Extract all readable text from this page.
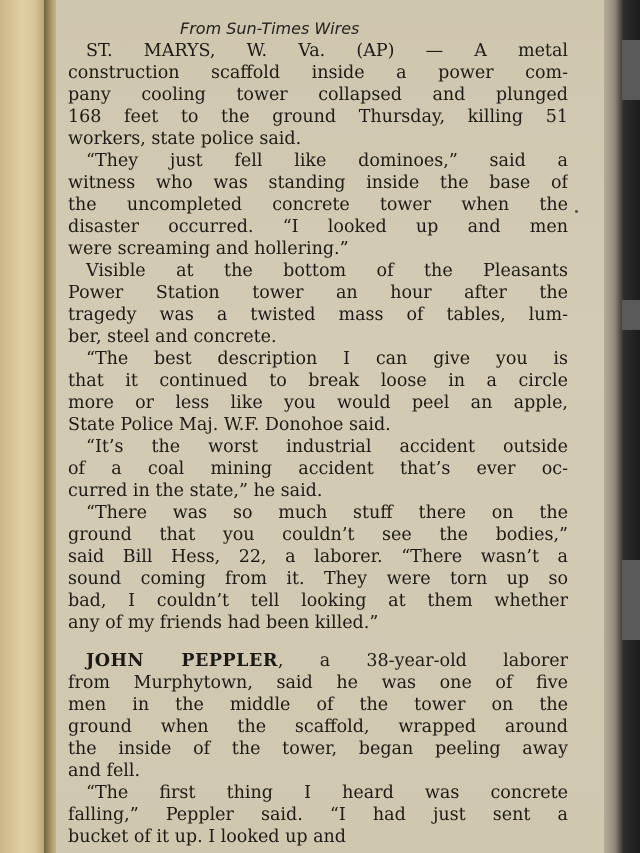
From Sun-Times Wires
ST. MARYS, W. Va. (AP) — A metal
construction scaffold inside a power com-
pany cooling tower collapsed and plunged
168 feet to the ground Thursday, killing 51
workers, state police said.
“They just fell like dominoes,” said a
witness who was standing inside the base of
the uncompleted concrete tower when the
disaster occurred. “I looked up and men
were screaming and hollering.”
Visible at the bottom of the Pleasants
Power Station tower an hour after the
tragedy was a twisted mass of tables, lum-
ber, steel and concrete.
“The best description I can give you is
that it continued to break loose in a circle
more or less like you would peel an apple,
State Police Maj. W.F. Donohoe said.
“It’s the worst industrial accident outside
of a coal mining accident that’s ever oc-
curred in the state,” he said.
“There was so much stuff there on the
ground that you couldn’t see the bodies,”
said Bill Hess, 22, a laborer. “There wasn’t a
sound coming from it. They were torn up so
bad, I couldn’t tell looking at them whether
any of my friends had been killed.”
JOHN PEPPLER, a 38-year-old laborer
from Murphytown, said he was one of five
men in the middle of the tower on the
ground when the scaffold, wrapped around
the inside of the tower, began peeling away
and fell.
“The first thing I heard was concrete
falling,” Peppler said. “I had just sent a
bucket of it up. I looked up and
